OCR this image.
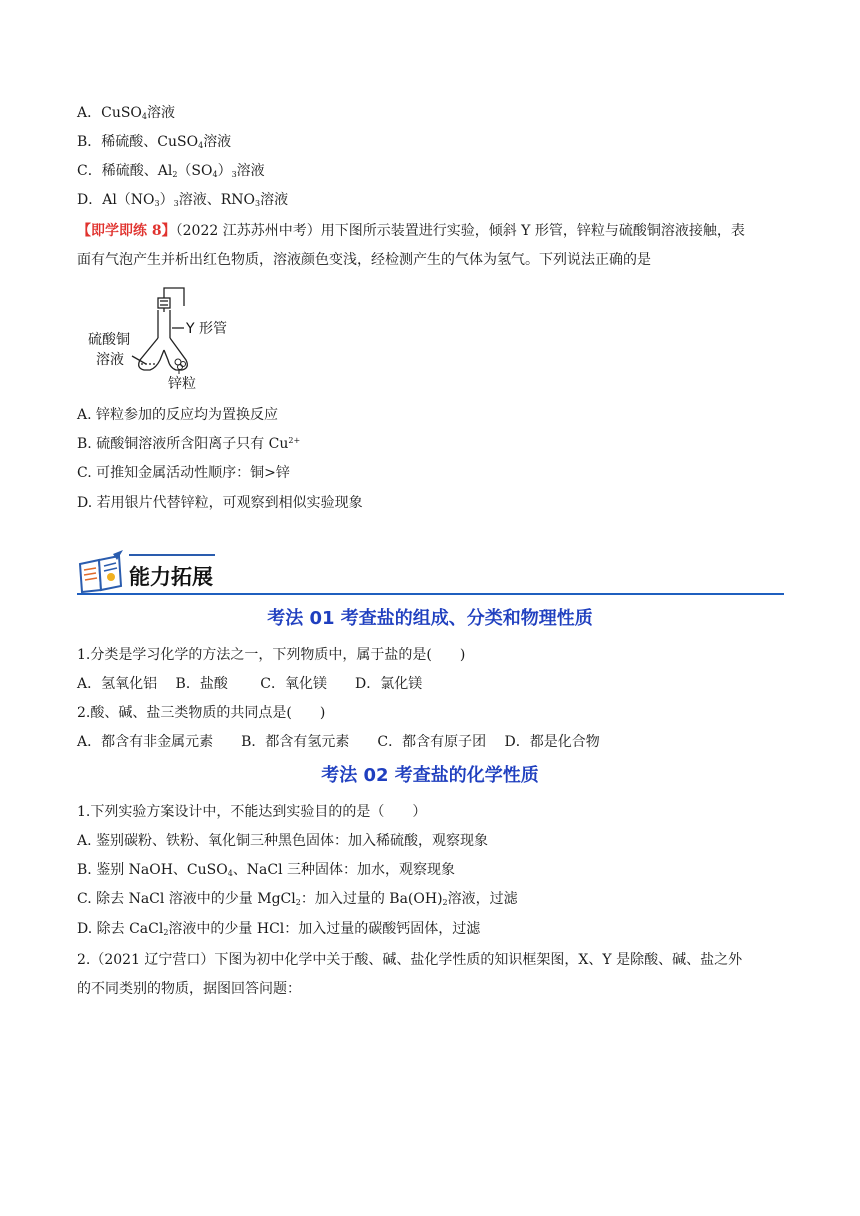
A．CuSO$_4$溶液
B．稀硫酸、CuSO$_4$溶液
C．稀硫酸、$Al_2(SO_4)_3$溶液
D．$Al(NO_3)_3$溶液、$RNO_3$溶液
【即学即练 8】（2022 江苏苏州中考）用下图所示装置进行实验，倾斜 Y 形管，锌粒与硫酸铜溶液接触，表
面有气泡产生并析出红色物质，溶液颜色变浅，经检测产生的气体为氢气。下列说法正确的是
Y 形管
硫酸铜
溶液
锌粒
A. 锌粒参加的反应均为置换反应
B. 硫酸铜溶液所含阳离子只有 $Cu^{2+}$
C. 可推知金属活动性顺序：铜>锌
D. 若用银片代替锌粒，可观察到相似实验现象
能力拓展
考法 01 考查盐的组成、分类和物理性质
1.分类是学习化学的方法之一，下列物质中，属于盐的是(　　)
A．氢氧化铝　 B．盐酸　　 C．氧化镁　　D．氯化镁
2.酸、碱、盐三类物质的共同点是(　　)
A．都含有非金属元素　　B．都含有氢元素　　C．都含有原子团　 D．都是化合物
考法 02 考查盐的化学性质
1.下列实验方案设计中，不能达到实验目的的是（　　）
A. 鉴别碳粉、铁粉、氧化铜三种黑色固体：加入稀硫酸，观察现象
B. 鉴别 NaOH、CuSO$_4$、NaCl 三种固体：加水，观察现象
C. 除去 NaCl 溶液中的少量 MgCl$_2$：加入过量的 $Ba(OH)_2$溶液，过滤
D. 除去 CaCl$_2$溶液中的少量 HCl：加入过量的碳酸钙固体，过滤
2.（2021 辽宁营口）下图为初中化学中关于酸、碱、盐化学性质的知识框架图，X、Y 是除酸、碱、盐之外
的不同类别的物质，据图回答问题：
